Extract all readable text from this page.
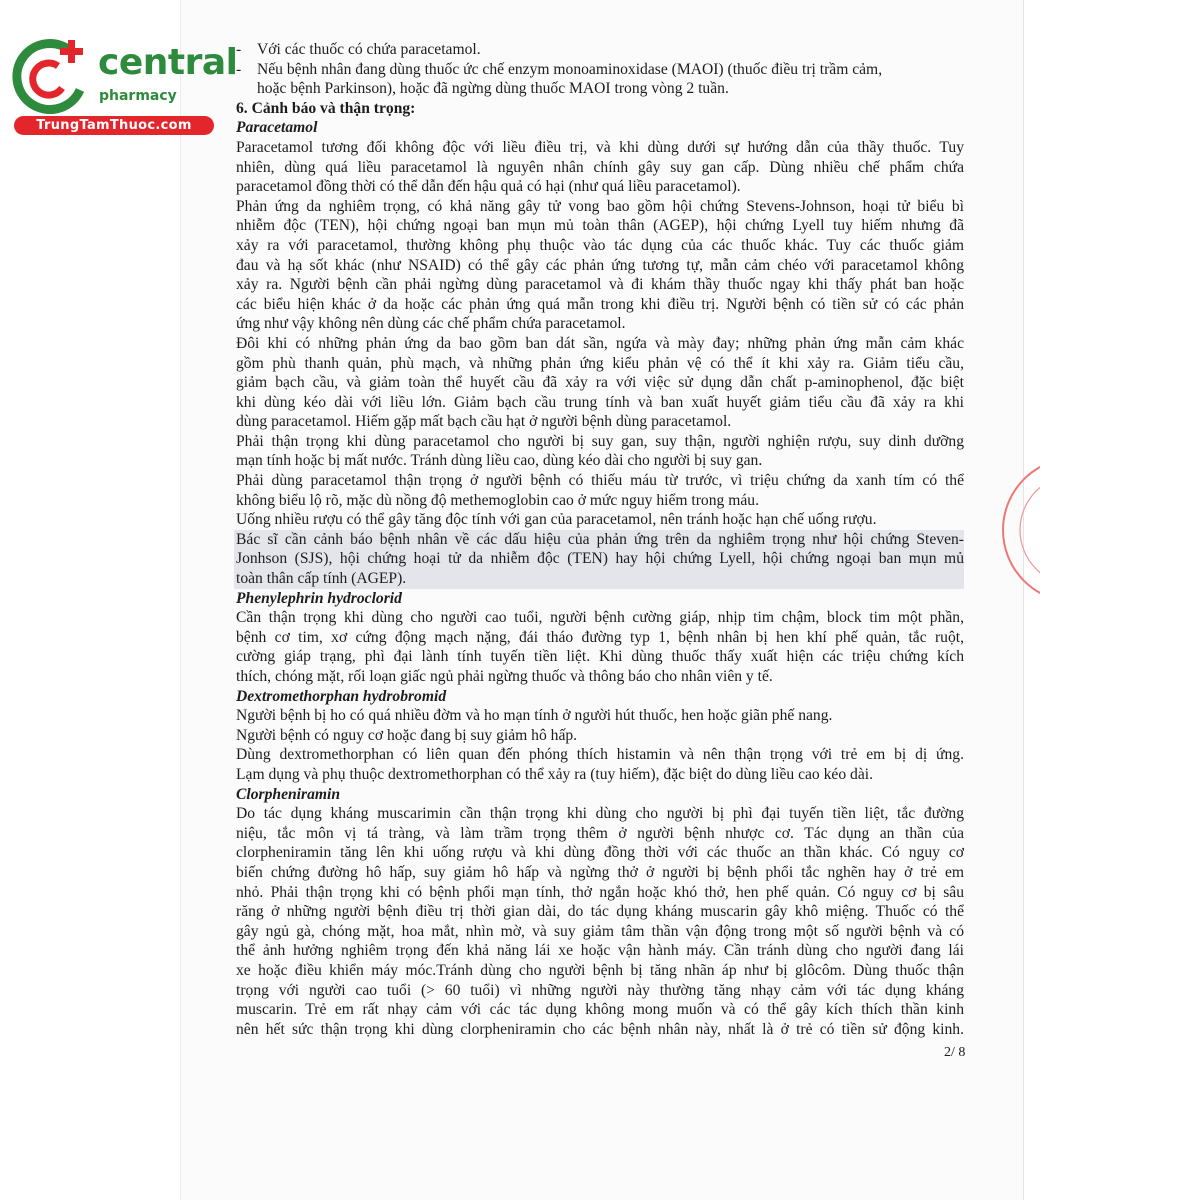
central
pharmacy
TrungTamThuoc.com
- Với các thuốc có chứa paracetamol.
- Nếu bệnh nhân đang dùng thuốc ức chế enzym monoaminoxidase (MAOI) (thuốc điều trị trầm cảm,
hoặc bệnh Parkinson), hoặc đã ngừng dùng thuốc MAOI trong vòng 2 tuần.
6. Cảnh báo và thận trọng:
Paracetamol
Paracetamol tương đối không độc với liều điều trị, và khi dùng dưới sự hướng dẫn của thầy thuốc. Tuy
nhiên, dùng quá liều paracetamol là nguyên nhân chính gây suy gan cấp. Dùng nhiều chế phẩm chứa
paracetamol đồng thời có thể dẫn đến hậu quả có hại (như quá liều paracetamol).
Phản ứng da nghiêm trọng, có khả năng gây tử vong bao gồm hội chứng Stevens-Johnson, hoại tử biểu bì
nhiễm độc (TEN), hội chứng ngoại ban mụn mủ toàn thân (AGEP), hội chứng Lyell tuy hiếm nhưng đã
xảy ra với paracetamol, thường không phụ thuộc vào tác dụng của các thuốc khác. Tuy các thuốc giảm
đau và hạ sốt khác (như NSAID) có thể gây các phản ứng tương tự, mẫn cảm chéo với paracetamol không
xảy ra. Người bệnh cần phải ngừng dùng paracetamol và đi khám thầy thuốc ngay khi thấy phát ban hoặc
các biểu hiện khác ở da hoặc các phản ứng quá mẫn trong khi điều trị. Người bệnh có tiền sử có các phản
ứng như vậy không nên dùng các chế phẩm chứa paracetamol.
Đôi khi có những phản ứng da bao gồm ban dát sần, ngứa và mày đay; những phản ứng mẫn cảm khác
gồm phù thanh quản, phù mạch, và những phản ứng kiểu phản vệ có thể ít khi xảy ra. Giảm tiểu cầu,
giảm bạch cầu, và giảm toàn thể huyết cầu đã xảy ra với việc sử dụng dẫn chất p-aminophenol, đặc biệt
khi dùng kéo dài với liều lớn. Giảm bạch cầu trung tính và ban xuất huyết giảm tiểu cầu đã xảy ra khi
dùng paracetamol. Hiếm gặp mất bạch cầu hạt ở người bệnh dùng paracetamol.
Phải thận trọng khi dùng paracetamol cho người bị suy gan, suy thận, người nghiện rượu, suy dinh dưỡng
mạn tính hoặc bị mất nước. Tránh dùng liều cao, dùng kéo dài cho người bị suy gan.
Phải dùng paracetamol thận trọng ở người bệnh có thiếu máu từ trước, vì triệu chứng da xanh tím có thể
không biểu lộ rõ, mặc dù nồng độ methemoglobin cao ở mức nguy hiểm trong máu.
Uống nhiều rượu có thể gây tăng độc tính với gan của paracetamol, nên tránh hoặc hạn chế uống rượu.
Bác sĩ cần cảnh báo bệnh nhân về các dấu hiệu của phản ứng trên da nghiêm trọng như hội chứng Steven-
Jonhson (SJS), hội chứng hoại tử da nhiễm độc (TEN) hay hội chứng Lyell, hội chứng ngoại ban mụn mủ
toàn thân cấp tính (AGEP).
Phenylephrin hydroclorid
Cần thận trọng khi dùng cho người cao tuổi, người bệnh cường giáp, nhịp tim chậm, block tim một phần,
bệnh cơ tim, xơ cứng động mạch nặng, đái tháo đường typ 1, bệnh nhân bị hen khí phế quản, tắc ruột,
cường giáp trạng, phì đại lành tính tuyến tiền liệt. Khi dùng thuốc thấy xuất hiện các triệu chứng kích
thích, chóng mặt, rối loạn giấc ngủ phải ngừng thuốc và thông báo cho nhân viên y tế.
Dextromethorphan hydrobromid
Người bệnh bị ho có quá nhiều đờm và ho mạn tính ở người hút thuốc, hen hoặc giãn phế nang.
Người bệnh có nguy cơ hoặc đang bị suy giảm hô hấp.
Dùng dextromethorphan có liên quan đến phóng thích histamin và nên thận trọng với trẻ em bị dị ứng.
Lạm dụng và phụ thuộc dextromethorphan có thể xảy ra (tuy hiếm), đặc biệt do dùng liều cao kéo dài.
Clorpheniramin
Do tác dụng kháng muscarimin cần thận trọng khi dùng cho người bị phì đại tuyến tiền liệt, tắc đường
niệu, tắc môn vị tá tràng, và làm trầm trọng thêm ở người bệnh nhược cơ. Tác dụng an thần của
clorpheniramin tăng lên khi uống rượu và khi dùng đồng thời với các thuốc an thần khác. Có nguy cơ
biến chứng đường hô hấp, suy giảm hô hấp và ngừng thở ở người bị bệnh phổi tắc nghẽn hay ở trẻ em
nhỏ. Phải thận trọng khi có bệnh phổi mạn tính, thở ngắn hoặc khó thở, hen phế quản. Có nguy cơ bị sâu
răng ở những người bệnh điều trị thời gian dài, do tác dụng kháng muscarin gây khô miệng. Thuốc có thể
gây ngủ gà, chóng mặt, hoa mắt, nhìn mờ, và suy giảm tâm thần vận động trong một số người bệnh và có
thể ảnh hưởng nghiêm trọng đến khả năng lái xe hoặc vận hành máy. Cần tránh dùng cho người đang lái
xe hoặc điều khiển máy móc.Tránh dùng cho người bệnh bị tăng nhãn áp như bị glôcôm. Dùng thuốc thận
trọng với người cao tuổi (> 60 tuổi) vì những người này thường tăng nhạy cảm với tác dụng kháng
muscarin. Trẻ em rất nhạy cảm với các tác dụng không mong muốn và có thể gây kích thích thần kinh
nên hết sức thận trọng khi dùng clorpheniramin cho các bệnh nhân này, nhất là ở trẻ có tiền sử động kinh.
2/ 8
